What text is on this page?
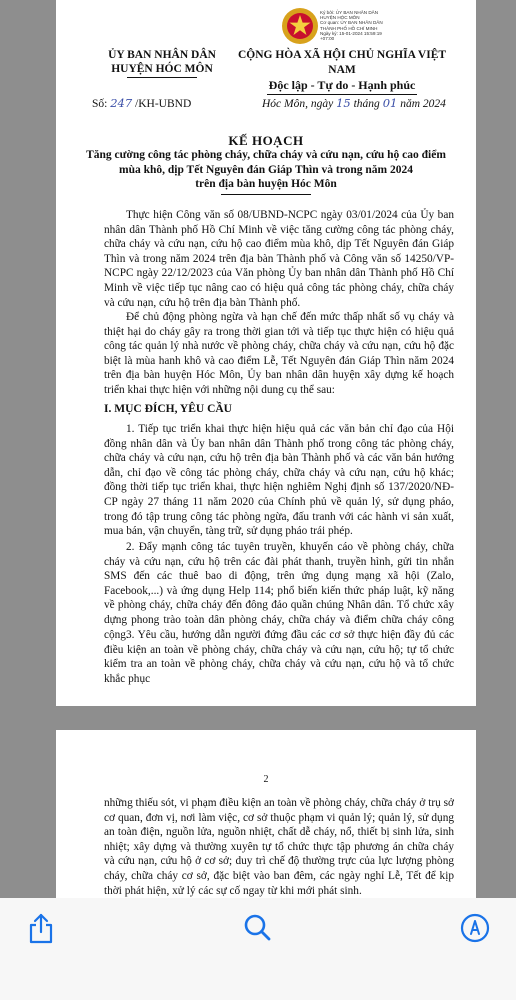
Ký bởi: ỦY BAN NHÂN DÂN
HUYỆN HÓC MÔN
Cơ quan: ỦY BAN NHÂN DÂN
THÀNH PHỐ HỒ CHÍ MINH
Ngày ký: 15-01-2024 15:59:19
+07:00
ỦY BAN NHÂN DÂN
HUYỆN HÓC MÔN
CỘNG HÒA XÃ HỘI CHỦ NGHĨA VIỆT NAM
Độc lập - Tự do - Hạnh phúc
Số: 247 /KH-UBND	Hóc Môn, ngày 15 tháng 01 năm 2024
KẾ HOẠCH
Tăng cường công tác phòng cháy, chữa cháy và cứu nạn, cứu hộ cao điểm
mùa khô, dịp Tết Nguyên đán Giáp Thìn và trong năm 2024
trên địa bàn huyện Hóc Môn

Thực hiện Công văn số 08/UBND-NCPC ngày 03/01/2024 của Ủy ban nhân dân Thành phố Hồ Chí Minh về việc tăng cường công tác phòng cháy, chữa cháy và cứu nạn, cứu hộ cao điểm mùa khô, dịp Tết Nguyên đán Giáp Thìn và trong năm 2024 trên địa bàn Thành phố và Công văn số 14250/VP-NCPC ngày 22/12/2023 của Văn phòng Ủy ban nhân dân Thành phố Hồ Chí Minh về việc tiếp tục nâng cao có hiệu quả công tác phòng cháy, chữa cháy và cứu nạn, cứu hộ trên địa bàn Thành phố.

Để chủ động phòng ngừa và hạn chế đến mức thấp nhất số vụ cháy và thiệt hại do cháy gây ra trong thời gian tới và tiếp tục thực hiện có hiệu quả công tác quản lý nhà nước về phòng cháy, chữa cháy và cứu nạn, cứu hộ đặc biệt là mùa hanh khô và cao điểm Lễ, Tết Nguyên đán Giáp Thìn năm 2024 trên địa bàn huyện Hóc Môn, Ủy ban nhân dân huyện xây dựng kế hoạch triển khai thực hiện với những nội dung cụ thể sau:

I. MỤC ĐÍCH, YÊU CẦU

1. Tiếp tục triển khai thực hiện hiệu quả các văn bản chỉ đạo của Hội đồng nhân dân và Ủy ban nhân dân Thành phố trong công tác phòng cháy, chữa cháy và cứu nạn, cứu hộ trên địa bàn Thành phố và các văn bản hướng dẫn, chỉ đạo về công tác phòng cháy, chữa cháy và cứu nạn, cứu hộ khác; đồng thời tiếp tục triển khai, thực hiện nghiêm Nghị định số 137/2020/NĐ-CP ngày 27 tháng 11 năm 2020 của Chính phủ về quản lý, sử dụng pháo, trong đó tập trung công tác phòng ngừa, đấu tranh với các hành vi sản xuất, mua bán, vận chuyển, tàng trữ, sử dụng pháo trái phép.

2. Đẩy mạnh công tác tuyên truyền, khuyến cáo về phòng cháy, chữa cháy và cứu nạn, cứu hộ trên các đài phát thanh, truyền hình, gửi tin nhắn SMS đến các thuê bao di động, trên ứng dụng mạng xã hội (Zalo, Facebook,...) và ứng dụng Help 114; phổ biến kiến thức pháp luật, kỹ năng về phòng cháy, chữa cháy đến đông đảo quần chúng Nhân dân. Tổ chức xây dựng phong trào toàn dân phòng cháy, chữa cháy và điểm chữa cháy công cộng.

3. Yêu cầu, hướng dẫn người đứng đầu các cơ sở thực hiện đầy đủ các điều kiện an toàn về phòng cháy, chữa cháy và cứu nạn, cứu hộ; tự tổ chức kiểm tra an toàn về phòng cháy, chữa cháy và cứu nạn, cứu hộ và tổ chức khắc phục

2

những thiếu sót, vi phạm điều kiện an toàn về phòng cháy, chữa cháy ở trụ sở cơ quan, đơn vị, nơi làm việc, cơ sở thuộc phạm vi quản lý; quản lý, sử dụng an toàn điện, nguồn lửa, nguồn nhiệt, chất dễ cháy, nổ, thiết bị sinh lửa, sinh nhiệt; xây dựng và thường xuyên tự tổ chức thực tập phương án chữa cháy và cứu nạn, cứu hộ ở cơ sở; duy trì chế độ thường trực của lực lượng phòng cháy, chữa cháy cơ sở, đặc biệt vào ban đêm, các ngày nghỉ Lễ, Tết để kịp thời phát hiện, xử lý các sự cố ngay từ khi mới phát sinh.
